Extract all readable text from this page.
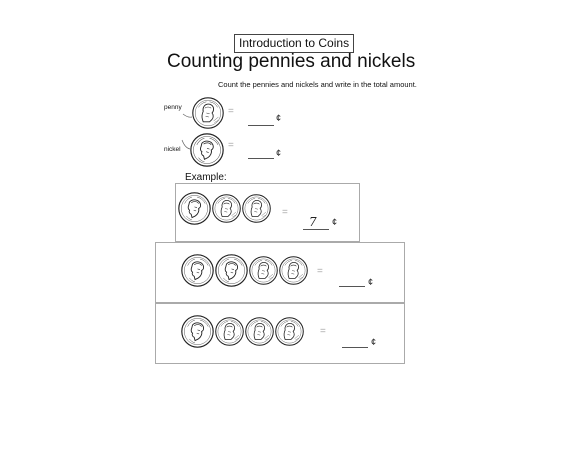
Introduction to Coins
Counting pennies and nickels
Count the pennies and nickels and write in the total amount.
penny	=
¢
nickel	=
¢
Example:
=
7 ¢
=
¢
=
¢
